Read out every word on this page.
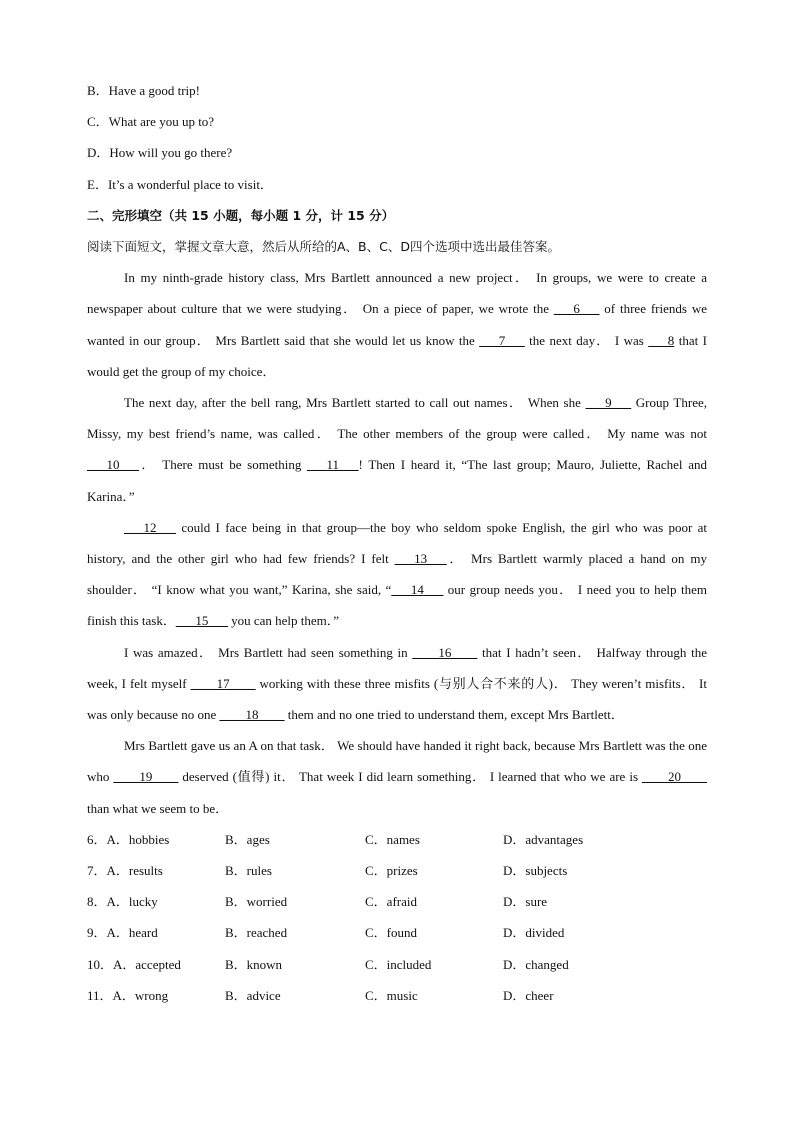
B．Have a good trip!
C．What are you up to?
D．How will you go there?
E．It’s a wonderful place to visit．
二、完形填空（共 15 小题，每小题 1 分，计 15 分）
阅读下面短文，掌握文章大意，然后从所给的A、B、C、D四个选项中选出最佳答案。

In my ninth-grade history class, Mrs Bartlett announced a new project． In groups, we were to create a newspaper about culture that we were studying． On a piece of paper, we wrote the ___6___ of three friends we wanted in our group． Mrs Bartlett said that she would let us know the ___7___ the next day． I was ___8 that I would get the group of my choice．

The next day, after the bell rang, Mrs Bartlett started to call out names． When she ___9___ Group Three, Missy, my best friend’s name, was called． The other members of the group were called． My name was not ___10___． There must be something ___11___! Then I heard it, “The last group; Mauro, Juliette, Rachel and Karina．”

___12___ could I face being in that group—the boy who seldom spoke English, the girl who was poor at history, and the other girl who had few friends? I felt ___13___． Mrs Bartlett warmly placed a hand on my shoulder． “I know what you want,” Karina, she said, “___14___ our group needs you． I need you to help them finish this task．___15___ you can help them．”

I was amazed． Mrs Bartlett had seen something in ____16____ that I hadn’t seen． Halfway through the week, I felt myself ____17____ working with these three misfits (与别人合不来的人)． They weren’t misfits． It was only because no one ____18____ them and no one tried to understand them, except Mrs Bartlett．

Mrs Bartlett gave us an A on that task． We should have handed it right back, because Mrs Bartlett was the one who ____19____ deserved (值得) it． That week I did learn something． I learned that who we are is ____20____ than what we seem to be．

6．A．hobbies	B．ages	C．names	D．advantages
7．A．results	B．rules	C．prizes	D．subjects
8．A．lucky	B．worried	C．afraid	D．sure
9．A．heard	B．reached	C．found	D．divided
10．A．accepted	B．known	C．included	D．changed
11．A．wrong	B．advice	C．music	D．cheer
